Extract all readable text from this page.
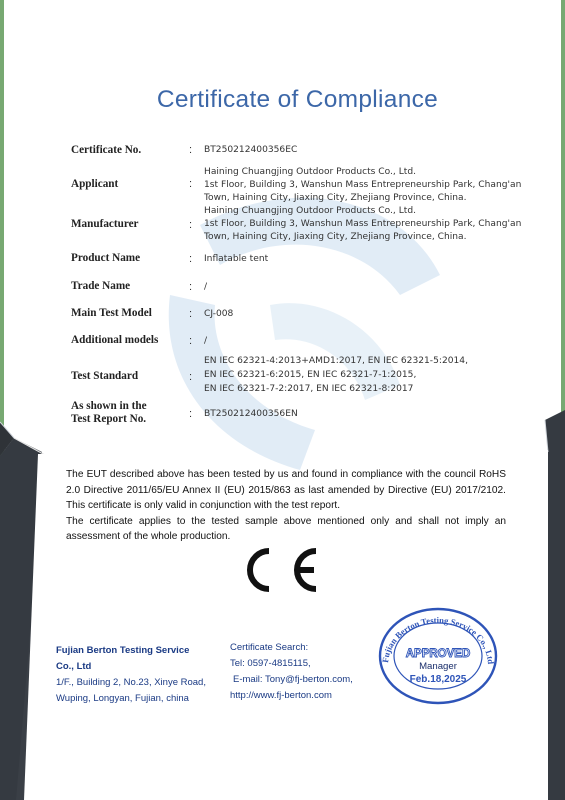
Certificate of Compliance
Certificate No.	: BT250212400356EC
Applicant	:
Haining Chuangjing Outdoor Products Co., Ltd.
1st Floor, Building 3, Wanshun Mass Entrepreneurship Park, Chang'an
Town, Haining City, Jiaxing City, Zhejiang Province, China.
Manufacturer	:
Haining Chuangjing Outdoor Products Co., Ltd.
1st Floor, Building 3, Wanshun Mass Entrepreneurship Park, Chang'an
Town, Haining City, Jiaxing City, Zhejiang Province, China.
Product Name	: Inflatable tent
Trade Name	: /
Main Test Model	: CJ-008
Additional models	: /
Test Standard	:
EN IEC 62321-4:2013+AMD1:2017, EN IEC 62321-5:2014,
EN IEC 62321-6:2015, EN IEC 62321-7-1:2015,
EN IEC 62321-7-2:2017, EN IEC 62321-8:2017
As shown in the
Test Report No.	: BT250212400356EN

The EUT described above has been tested by us and found in compliance with the council RoHS 2.0 Directive 2011/65/EU Annex II (EU) 2015/863 as last amended by Directive (EU) 2017/2102. This certificate is only valid in conjunction with the test report.

The certificate applies to the tested sample above mentioned only and shall not imply an assessment of the whole production.

Fujian Berton Testing Service
Co., Ltd
1/F., Building 2, No.23, Xinye Road,
Wuping, Longyan, Fujian, china
Certificate Search:
Tel: 0597-4815115,
E-mail: Tony@fj-berton.com,
http://www.fj-berton.com
Fujian Berton Testing Service Co., Ltd
APPROVED
Manager
Feb.18,2025
